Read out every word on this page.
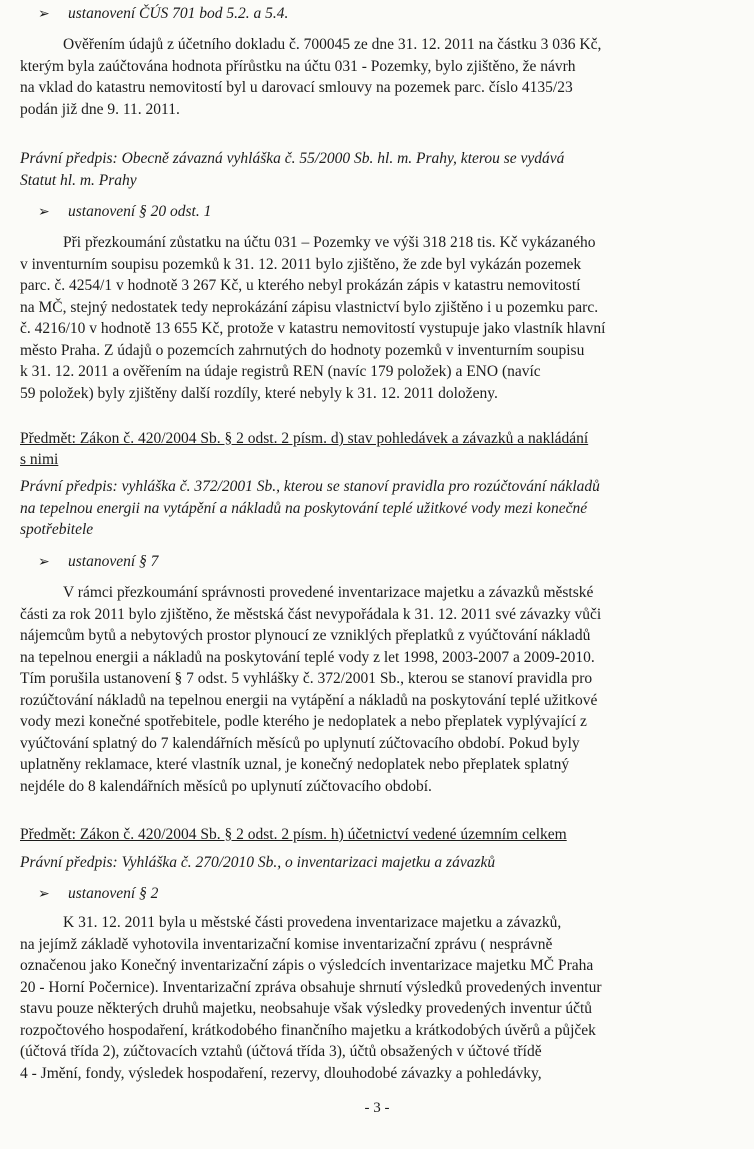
➢ ustanovení ČÚS 701 bod 5.2. a 5.4.
Ověřením údajů z účetního dokladu č. 700045 ze dne 31. 12. 2011 na částku 3 036 Kč,
kterým byla zaúčtována hodnota přírůstku na účtu 031 - Pozemky, bylo zjištěno, že návrh
na vklad do katastru nemovitostí byl u darovací smlouvy na pozemek parc. číslo 4135/23
podán již dne 9. 11. 2011.
Právní předpis: Obecně závazná vyhláška č. 55/2000 Sb. hl. m. Prahy, kterou se vydává
Statut hl. m. Prahy
➢ ustanovení § 20 odst. 1
Při přezkoumání zůstatku na účtu 031 – Pozemky ve výši 318 218 tis. Kč vykázaného
v inventurním soupisu pozemků k 31. 12. 2011 bylo zjištěno, že zde byl vykázán pozemek
parc. č. 4254/1 v hodnotě 3 267 Kč, u kterého nebyl prokázán zápis v katastru nemovitostí
na MČ, stejný nedostatek tedy neprokázání zápisu vlastnictví bylo zjištěno i u pozemku parc.
č. 4216/10 v hodnotě 13 655 Kč, protože v katastru nemovitostí vystupuje jako vlastník hlavní
město Praha. Z údajů o pozemcích zahrnutých do hodnoty pozemků v inventurním soupisu
k 31. 12. 2011 a ověřením na údaje registrů REN (navíc 179 položek) a ENO (navíc
59 položek) byly zjištěny další rozdíly, které nebyly k 31. 12. 2011 doloženy.
Předmět: Zákon č. 420/2004 Sb. § 2 odst. 2 písm. d) stav pohledávek a závazků a nakládání
s nimi
Právní předpis: vyhláška č. 372/2001 Sb., kterou se stanoví pravidla pro rozúčtování nákladů
na tepelnou energii na vytápění a nákladů na poskytování teplé užitkové vody mezi konečné
spotřebitele
➢ ustanovení § 7
V rámci přezkoumání správnosti provedené inventarizace majetku a závazků městské
části za rok 2011 bylo zjištěno, že městská část nevypořádala k 31. 12. 2011 své závazky vůči
nájemcům bytů a nebytových prostor plynoucí ze vzniklých přeplatků z vyúčtování nákladů
na tepelnou energii a nákladů na poskytování teplé vody z let 1998, 2003-2007 a 2009-2010.
Tím porušila ustanovení § 7 odst. 5 vyhlášky č. 372/2001 Sb., kterou se stanoví pravidla pro
rozúčtování nákladů na tepelnou energii na vytápění a nákladů na poskytování teplé užitkové
vody mezi konečné spotřebitele, podle kterého je nedoplatek a nebo přeplatek vyplývající z
vyúčtování splatný do 7 kalendářních měsíců po uplynutí zúčtovacího období. Pokud byly
uplatněny reklamace, které vlastník uznal, je konečný nedoplatek nebo přeplatek splatný
nejdéle do 8 kalendářních měsíců po uplynutí zúčtovacího období.
Předmět: Zákon č. 420/2004 Sb. § 2 odst. 2 písm. h) účetnictví vedené územním celkem
Právní předpis: Vyhláška č. 270/2010 Sb., o inventarizaci majetku a závazků
➢ ustanovení § 2
K 31. 12. 2011 byla u městské části provedena inventarizace majetku a závazků,
na jejímž základě vyhotovila inventarizační komise inventarizační zprávu ( nesprávně
označenou jako Konečný inventarizační zápis o výsledcích inventarizace majetku MČ Praha
20 - Horní Počernice). Inventarizační zpráva obsahuje shrnutí výsledků provedených inventur
stavu pouze některých druhů majetku, neobsahuje však výsledky provedených inventur účtů
rozpočtového hospodaření, krátkodobého finančního majetku a krátkodobých úvěrů a půjček
(účtová třída 2), zúčtovacích vztahů (účtová třída 3), účtů obsažených v účtové třídě
4 - Jmění, fondy, výsledek hospodaření, rezervy, dlouhodobé závazky a pohledávky,
- 3 -
